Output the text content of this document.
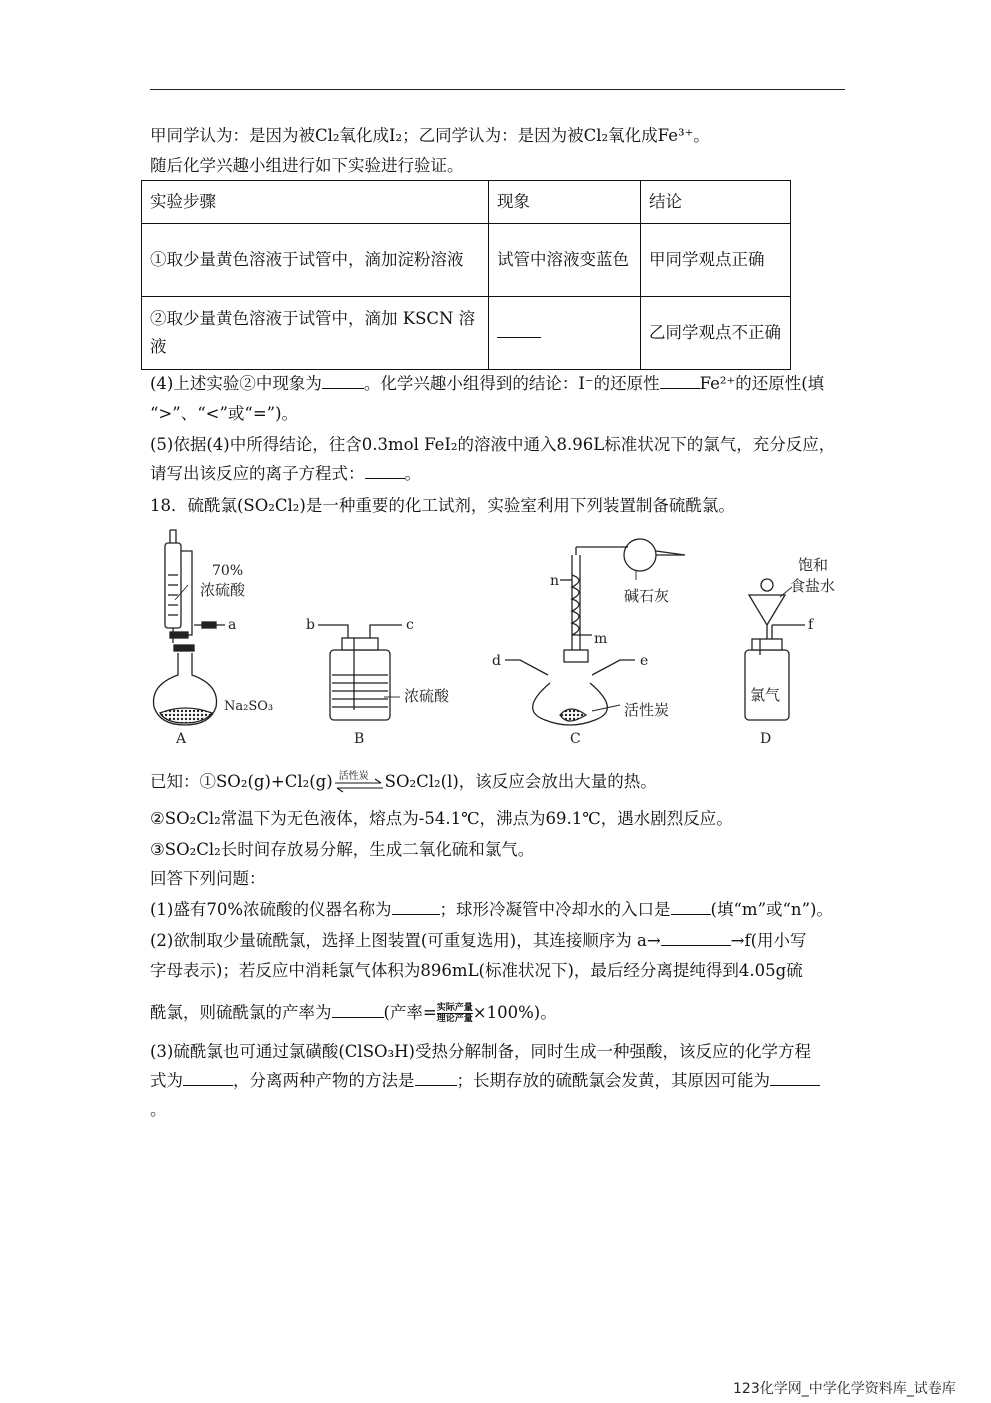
甲同学认为：是因为被Cl₂氧化成I₂；乙同学认为：是因为被Cl₂氧化成Fe³⁺。
随后化学兴趣小组进行如下实验进行验证。
实验步骤	现象	结论
①取少量黄色溶液于试管中，滴加淀粉溶液	试管中溶液变蓝色	甲同学观点正确
②取少量黄色溶液于试管中，滴加 KSCN 溶液		乙同学观点不正确
(4)上述实验②中现象为	。化学兴趣小组得到的结论：I⁻的还原性 Fe²⁺的还原性(填
“>”、“<”或“=”)。
(5)依据(4)中所得结论，往含0.3mol FeI₂的溶液中通入8.96L标准状况下的氯气，充分反应，
请写出该反应的离子方程式： 。
18．硫酰氯(SO₂Cl₂)是一种重要的化工试剂，实验室利用下列装置制备硫酰氯。
70%
浓硫酸
a
Na₂SO₃
A
b	c
浓硫酸
B
n
m
碱石灰
d	e
活性炭
C
饱和
食盐水
f
氯气
D
已知：①SO₂(g)+Cl₂(g) 活性炭 SO₂Cl₂(l)，该反应会放出大量的热。
②SO₂Cl₂常温下为无色液体，熔点为-54.1℃，沸点为69.1℃，遇水剧烈反应。
③SO₂Cl₂长时间存放易分解，生成二氧化硫和氯气。
回答下列问题：
(1)盛有70%浓硫酸的仪器名称为	；球形冷凝管中冷却水的入口是 (填“m”或“n”)。
(2)欲制取少量硫酰氯，选择上图装置(可重复选用)，其连接顺序为 a→	→f(用小写
字母表示)；若反应中消耗氯气体积为896mL(标准状况下)，最后经分离提纯得到4.05g硫
酰氯，则硫酰氯的产率为	(产率= $\frac{\text{实际产量}}{\text{理论产量}} \times 100\%$)。
(3)硫酰氯也可通过氯磺酸(ClSO₃H)受热分解制备，同时生成一种强酸，该反应的化学方程
式为	，分离两种产物的方法是	；长期存放的硫酰氯会发黄，其原因可能为
。
123化学网_中学化学资料库_试卷库
